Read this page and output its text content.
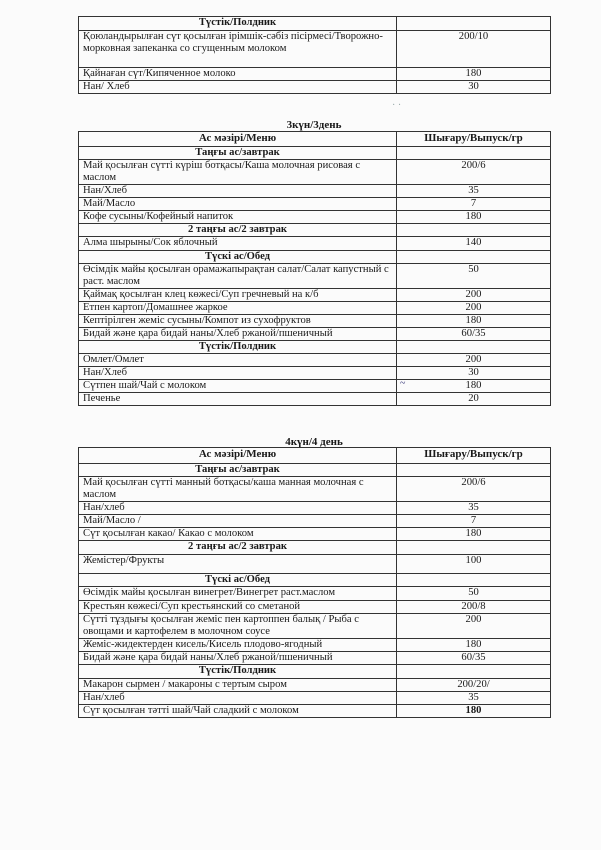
Түстік/Полдник	
Қоюландырылған сүт қосылған ірімшік-сәбіз пісірмесі/Творожно-морковная запеканка со сгущенным молоком	200/10
Қайнаған сүт/Кипяченное молоко	180
Нан/ Хлеб	30
3күн/3день
Ас мәзірі/Меню	Шығару/Выпуск/гр
Таңғы ас/завтрак	
Май қосылған сүтті күріш ботқасы/Каша молочная рисовая с маслом	200/6
Нан/Хлеб	35
Май/Масло	7
Кофе сусыны/Кофейный напиток	180
2 таңғы ас/2 завтрак	
Алма шырыны/Сок яблочный	140
Түскі ас/Обед	
Өсімдік майы қосылған орамажапырақтан салат/Салат капустный с раст. маслом	50
Қаймақ қосылған клец көжесі/Суп гречневый на к/б	200
Етпен картоп/Домашнее жаркое	200
Кептірілген жеміс сусыны/Компот из сухофруктов	180
Бидай және қара бидай наны/Хлеб ржаной/пшеничный	60/35
Түстік/Полдник	
Омлет/Омлет	200
Нан/Хлеб	30
Сүтпен шай/Чай с молоком	180
Печенье	20
4күн/4 день
Ас мәзірі/Меню	Шығару/Выпуск/гр
Таңғы ас/завтрак	
Май қосылған сүтті манный ботқасы/каша манная молочная с маслом	200/6
Нан/хлеб	35
Май/Масло /	7
Сүт қосылған какао/ Какао с молоком	180
2 таңғы ас/2 завтрак	
Жемістер/Фрукты	100
Түскі ас/Обед	
Өсімдік майы қосылған винегрет/Винегрет раст.маслом	50
Крестьян көжесі/Суп крестьянский со сметаной	200/8
Сүтті тұздығы қосылған жеміс пен картоппен балық / Рыба с овощами и картофелем в молочном соусе	200
Жеміс-жидектерден кисель/Кисель плодово-ягодный	180
Бидай және қара бидай наны/Хлеб ржаной/пшеничный	60/35
Түстік/Полдник	
Макарон сырмен / макароны с тертым сыром	200/20/
Нан/хлеб	35
Сүт қосылған тәтті шай/Чай сладкий с молоком	180
~
· ·
